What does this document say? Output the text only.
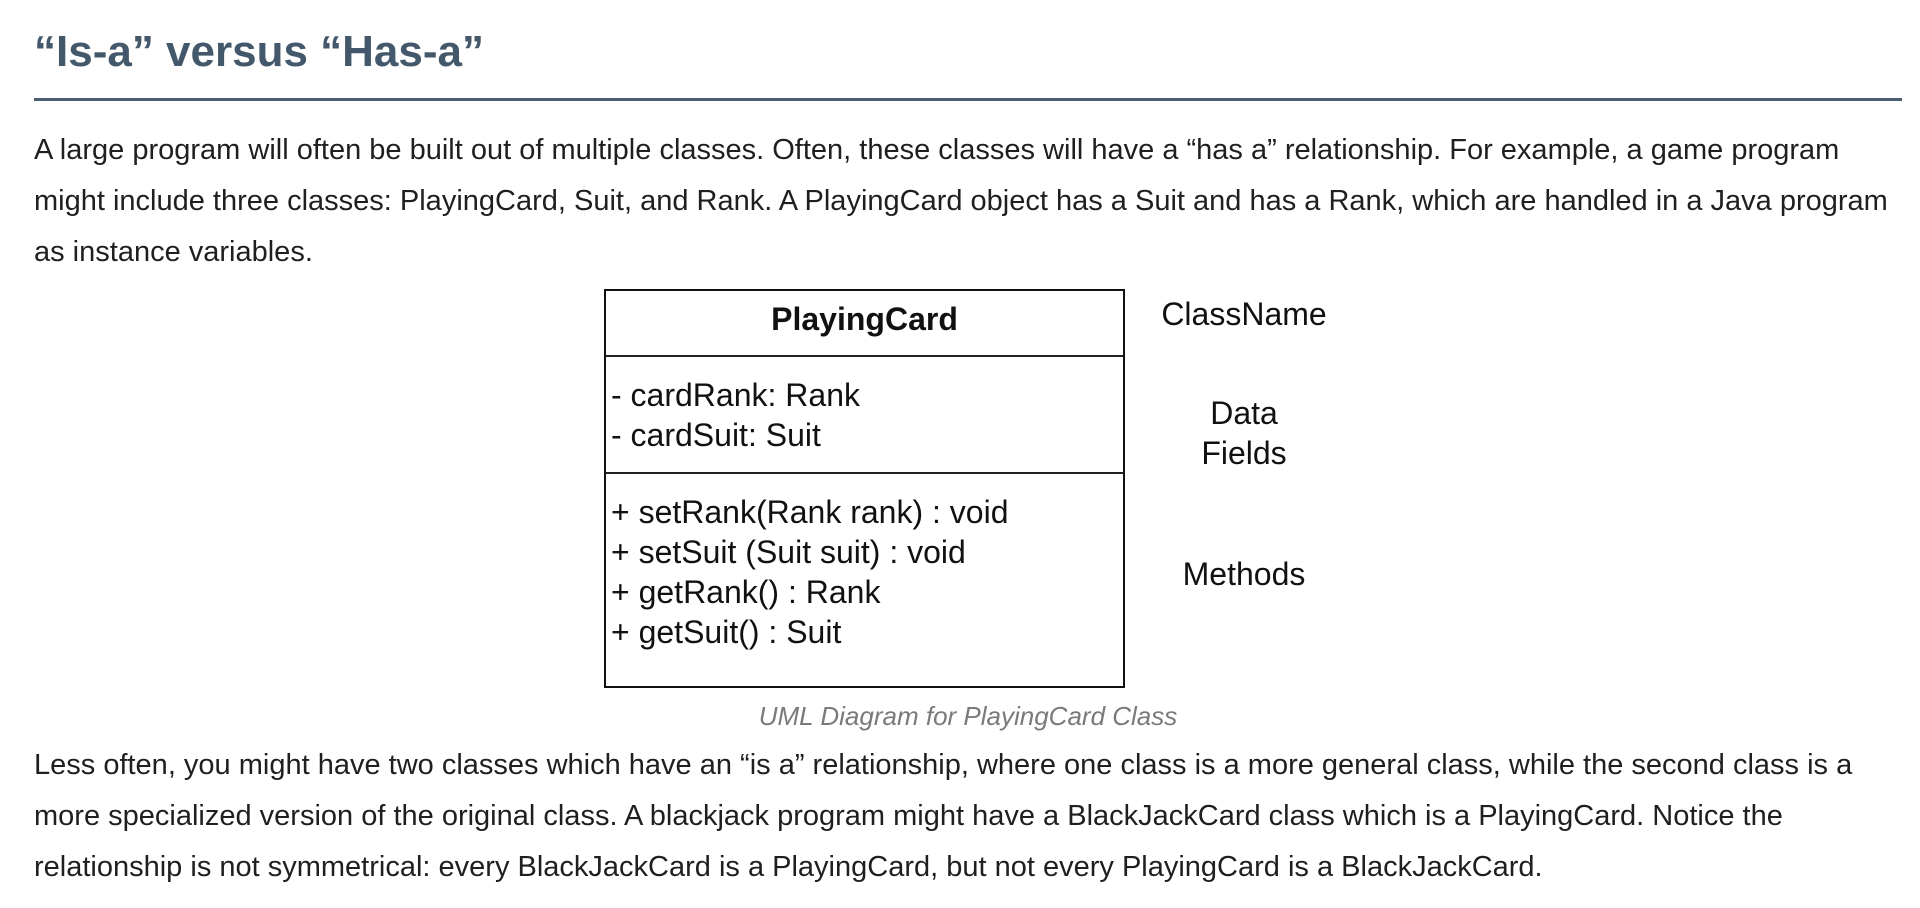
“Is-a” versus “Has-a”

A large program will often be built out of multiple classes. Often, these classes will have a “has a” relationship. For example, a game program might include three classes: PlayingCard, Suit, and Rank. A PlayingCard object has a Suit and has a Rank, which are handled in a Java program as instance variables.

PlayingCard
- cardRank: Rank
- cardSuit: Suit
+ setRank(Rank rank) : void
+ setSuit (Suit suit) : void
+ getRank() : Rank
+ getSuit() : Suit
ClassName
Data
Fields
Methods
UML Diagram for PlayingCard Class

Less often, you might have two classes which have an “is a” relationship, where one class is a more general class, while the second class is a more specialized version of the original class. A blackjack program might have a BlackJackCard class which is a PlayingCard. Notice the relationship is not symmetrical: every BlackJackCard is a PlayingCard, but not every PlayingCard is a BlackJackCard.
